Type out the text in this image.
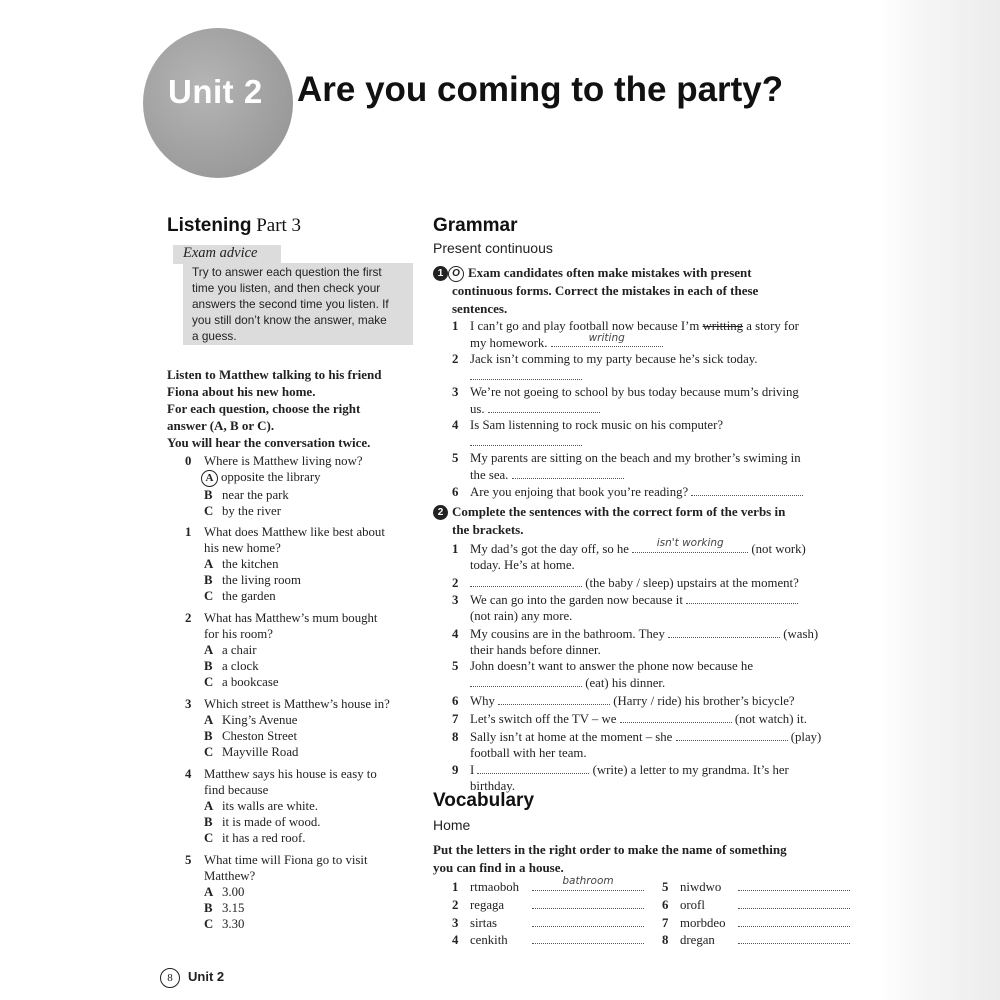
Unit 2 Are you coming to the party?
Listening Part 3
Exam advice
Try to answer each question the first
time you listen, and then check your
answers the second time you listen. If
you still don’t know the answer, make
a guess.
Listen to Matthew talking to his friend
Fiona about his new home.
For each question, choose the right
answer (A, B or C).
You will hear the conversation twice.
0 Where is Matthew living now?
A opposite the library
B near the park
C by the river
1 What does Matthew like best about
his new home?
A the kitchen
B the living room
C the garden
2 What has Matthew’s mum bought
for his room?
A a chair
B a clock
C a bookcase
3 Which street is Matthew’s house in?
A King’s Avenue
B Cheston Street
C Mayville Road
4 Matthew says his house is easy to
find because
A its walls are white.
B it is made of wood.
C it has a red roof.
5 What time will Fiona go to visit
Matthew?
A 3.00
B 3.15
C 3.30
Grammar
Present continuous
1 O Exam candidates often make mistakes with present
continuous forms. Correct the mistakes in each of these
sentences.
1 I can’t go and play football now because I’m writting a story for
my homework.	writing
2 Jack isn’t comming to my party because he’s sick today.
3 We’re not goeing to school by bus today because mum’s driving
us.
4 Is Sam listenning to rock music on his computer?
5 My parents are sitting on the beach and my brother’s swiming in
the sea.
6 Are you enjoing that book you’re reading?
2 Complete the sentences with the correct form of the verbs in
the brackets.
1 My dad’s got the day off, so he	isn't working	(not work)
today. He’s at home.
2	(the baby / sleep) upstairs at the moment?
3 We can go into the garden now because it
(not rain) any more.
4 My cousins are in the bathroom. They	(wash)
their hands before dinner.
5 John doesn’t want to answer the phone now because he
(eat) his dinner.
6 Why	(Harry / ride) his brother’s bicycle?
7 Let’s switch off the TV – we	(not watch) it.
8 Sally isn’t at home at the moment – she	(play)
football with her team.
9 I	(write) a letter to my grandma. It’s her
birthday.
Vocabulary
Home
Put the letters in the right order to make the name of something
you can find in a house.
1 rtmaoboh	bathroom
2 regaga
3 sirtas
4 cenkith
5 niwdwo
6 orofl
7 morbdeo
8 dregan
8	Unit 2
